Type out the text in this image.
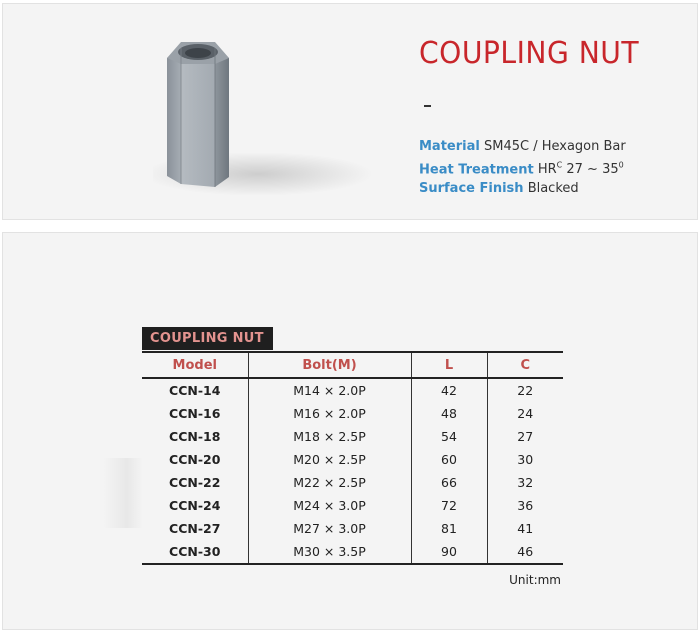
COUPLING NUT
Material SM45C / Hexagon Bar
Heat Treatment $HR^C$ 27 ~ $35^0$
Surface Finish Blacked
COUPLING NUT
Model	Bolt(M)	L	C
CCN-14	M14 × 2.0P	42	22
CCN-16	M16 × 2.0P	48	24
CCN-18	M18 × 2.5P	54	27
CCN-20	M20 × 2.5P	60	30
CCN-22	M22 × 2.5P	66	32
CCN-24	M24 × 3.0P	72	36
CCN-27	M27 × 3.0P	81	41
CCN-30	M30 × 3.5P	90	46
Unit:mm
